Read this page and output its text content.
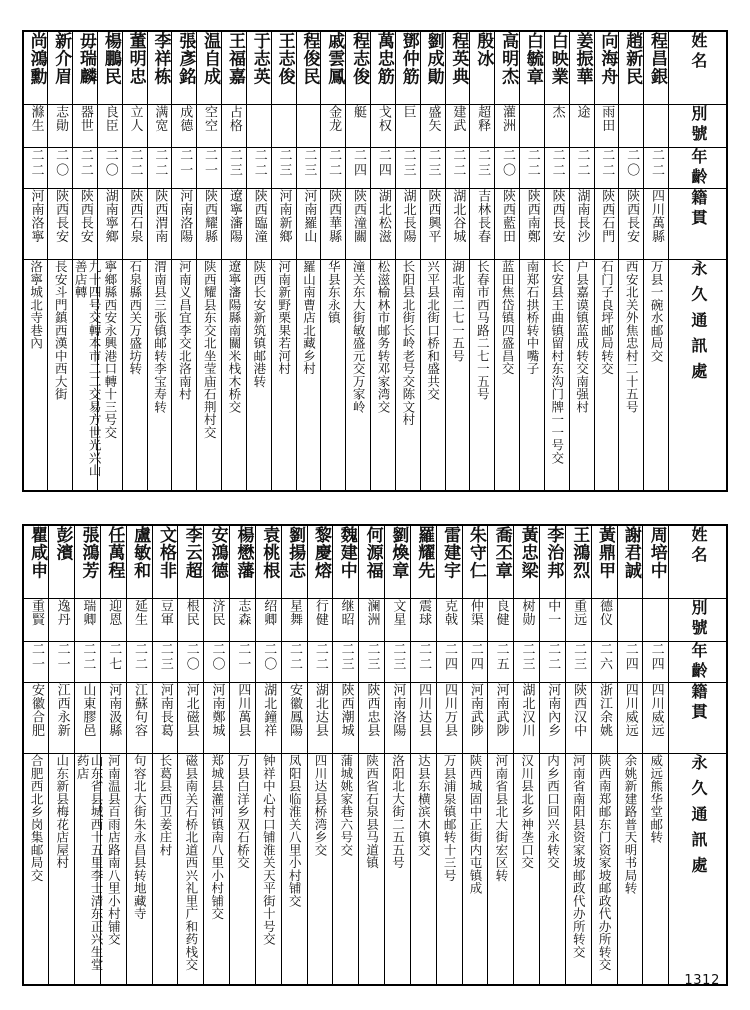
尚鴻勳	新介眉	毋瑞麟	楊鵬民	董明忠	李祥栋	張彥銘	温自成	王福嘉	于志英	王志俊	程俊民	戚雲鳳	程志俊	萬忠筋	鄧仲筋	劉成勛	程英典	殷冰	高明杰	白毓章	白映業	姜振華	向海舟	趙新民	程昌銀	姓名

滌生	志勛	器世	良臣	立人	满宽	成德	空空	占格				金龙	艇	戈权	巨	盛矢	建武	超释	灌洲		杰	途	雨田			別號

二二	二〇	二二	二〇	二二	二二	二一	二一	二三	二二	二三	二三	二二	二四	二四	二三	二三	二二	二三	二〇	二二	二二	二二	二二	二〇	二二	年齡

河南洛寧	陝西長安	陝西長安	湖南寧鄉	陝西石泉	陝西渭南	河南洛陽	陝西耀縣	遼寧瀋陽	陝西臨潼	河南新鄉	河南羅山	陝西華縣	陝西潼關	湖北松滋	湖北長陽	陝西興平	湖北谷城	吉林長春	陝西藍田	陝西南鄭	陝西長安	湖南長沙	陝西石門	陝西長安	四川萬縣	籍貫

洛寧城北寺巷內	長安斗門鎮西漢中西大街	九十四号交轉本市二二交易方世光兴山善店轉	寧鄉縣西安永興港口轉十三号交	石泉縣西关万盛坊转	渭南县三张镇邮转李宝寿转	河南义昌宜李交北洛南村	陕西耀县东交北坐莹庙石荆村交	遼寧瀋陽縣南關米栈木桥交	陕西长安新筑镇邮港转	河南新野栗果若河村	羅山南曹店北藏乡村	华县东永镇	潼关东大街敏盛元交万家岭	松滋榆林市邮务转邓家湾交	长阳县北街长岭老号交陈文村	兴平县北街口桥和盛共交	湖北南二七一五号	长春市西马路二七一五号	蓝田焦岱镇四盛昌交	南郑石拱桥转中嘴子	长安县王曲镇留村东沟门牌一一号交	户县嘉谟镇蓝成转交南强村	石门子良坪邮局转交	西安北关外焦忠村二十五号	万县一碗水邮局交	永久通訊處
瞿咸申	彭濱	張鴻芳	任萬程	盧敏和	文格非	李云超	安鴻德	楊懋藩	袁桃根	劉揚志	黎慶熔	魏建中	何源福	劉煥章	羅耀先	雷建宇	朱守仁	喬丕章	黃忠梁	李治邦	王鴻烈	黃鼎甲	謝君誠	周培中	姓名

重賢	逸丹	瑞卿	迎恩	延生	豆軍	根民	济民	志森	绍卿	星舞	行健	继昭	澜洲	文星	震球	克戟	仲渠	良健	树勋	中一	重远	德仪			別號

二一	二一	二二	二七	二二	二三	二〇	二〇	二一	二〇	二二	二二	二三	二三	二三	二二	二四	二四	二五	二三	二二	二三	二六	二四	二四	年齡

安徽合肥	江西永新	山東膠邑	河南汲縣	江蘇句容	河南長葛	河北磁县	河南鄭城	四川萬县	湖北鐘祥	安徽鳳陽	湖北达县	陝西潮城	陝西忠县	河南洛陽	四川达县	四川万县	河南武陟	河南武陟	湖北汉川	河南內乡	陝西汉中	浙江余姚	四川威远	四川威远	籍貫

合肥西北乡岗集邮局交	山东新县梅花店屋村	山东省县城西十五里李士清东正兴生堂药店	河南温县百雨店路南八里小村铺交	句容北大街朱永昌县转地藏寺	长葛县西卫姜庄村	磁县南关石桥北道西兴礼里广和药栈交	郑城县灌河镇南八里小村铺交	万县白洋乡双石桥交	钟祥中心村口铺淮关天平街十号交	凤阳县临淮关八里小村铺交	四川达县桥湾乡交	蒲城姚家巷六号交	陕西省石泉县马道镇	洛阳北大街二五五号	达县东横滨木镇交	万县浦泉镇邮转十三号	陕西城固中正街内屯镇成	河南省县北大街宏区转	汉川县北乡神垄口交	内乡西口回兴永转交	河南省南阳县资家坡邮政代办所转交	陕西南郑邮东门资家坡邮政代办所转交	余姚新建路普天明书局转	威远熊华堂邮转	永久通訊處
1312
